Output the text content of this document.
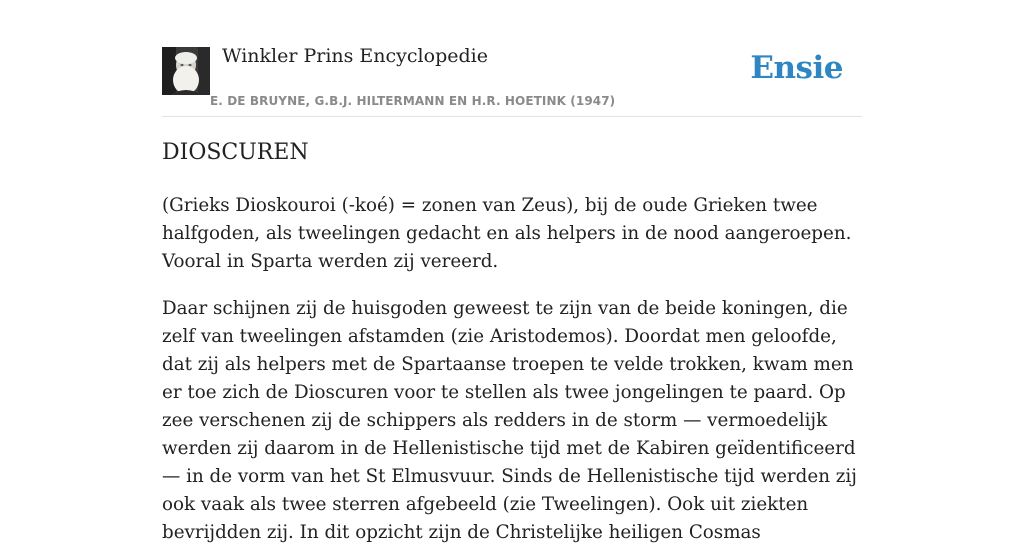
Winkler Prins Encyclopedie
E. DE BRUYNE, G.B.J. HILTERMANN EN H.R. HOETINK (1947)
Ensie
DIOSCUREN

(Grieks Dioskouroi (-koé) = zonen van Zeus), bij de oude Grieken twee halfgoden, als tweelingen gedacht en als helpers in de nood aangeroepen. Vooral in Sparta werden zij vereerd.

Daar schijnen zij de huisgoden geweest te zijn van de beide koningen, die zelf van tweelingen afstamden (zie Aristodemos). Doordat men geloofde, dat zij als helpers met de Spartaanse troepen te velde trokken, kwam men er toe zich de Dioscuren voor te stellen als twee jongelingen te paard. Op zee verschenen zij de schippers als redders in de storm — vermoedelijk werden zij daarom in de Hellenistische tijd met de Kabiren geïdentificeerd — in de vorm van het St Elmusvuur. Sinds de Hellenistische tijd werden zij ook vaak als twee sterren afgebeeld (zie Tweelingen). Ook uit ziekten bevrijdden zij. In dit opzicht zijn de Christelijke heiligen Cosmas
